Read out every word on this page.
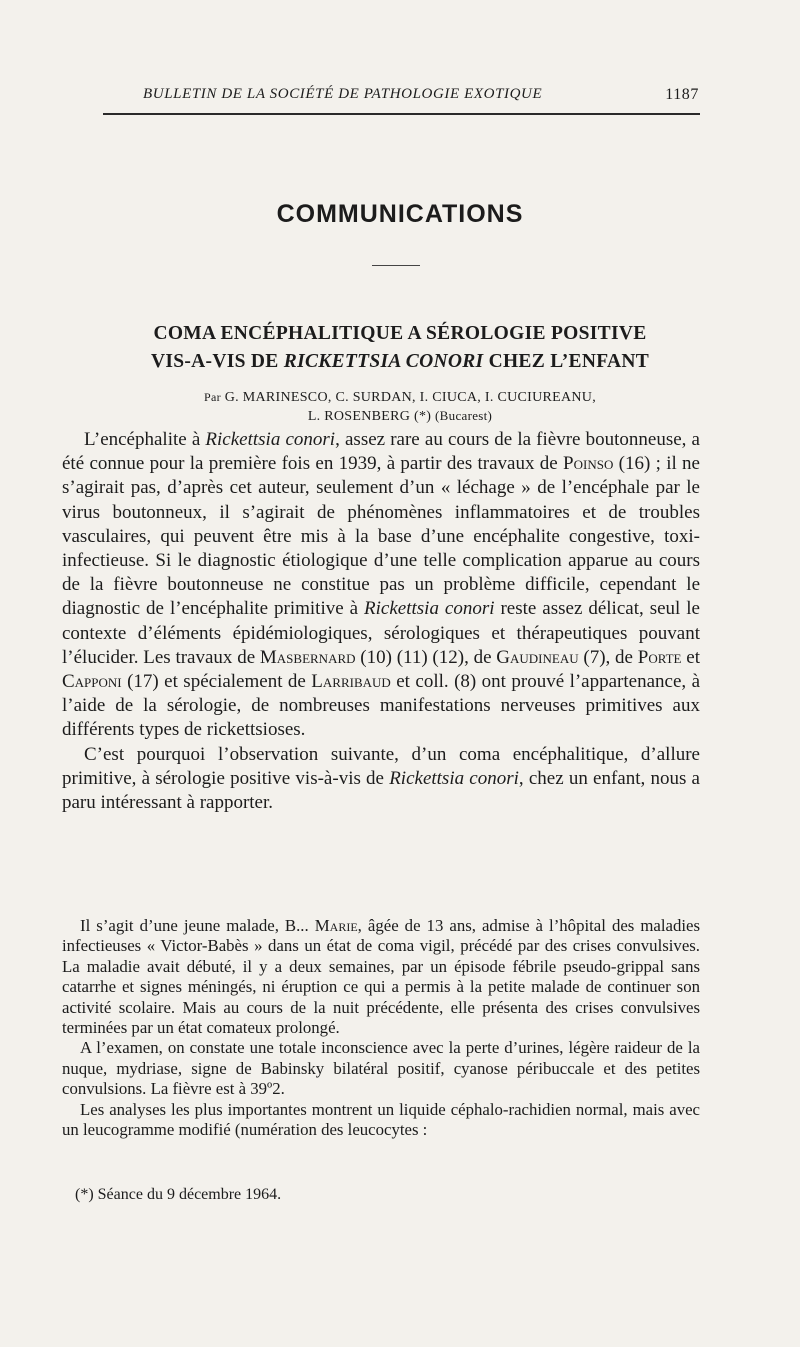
BULLETIN DE LA SOCIÉTÉ DE PATHOLOGIE EXOTIQUE	1187
COMMUNICATIONS
COMA ENCÉPHALITIQUE A SÉROLOGIE POSITIVE
VIS-A-VIS DE RICKETTSIA CONORI CHEZ L’ENFANT
Par G. MARINESCO, C. SURDAN, I. CIUCA, I. CUCIUREANU,
L. ROSENBERG (*) (Bucarest)

L’encéphalite à Rickettsia conori, assez rare au cours de la fièvre boutonneuse, a été connue pour la première fois en 1939, à partir des travaux de Poinso (16) ; il ne s’agirait pas, d’après cet auteur, seulement d’un « léchage » de l’encéphale par le virus boutonneux, il s’agirait de phénomènes inflammatoires et de troubles vasculaires, qui peuvent être mis à la base d’une encéphalite congestive, toxi-infectieuse. Si le diagnostic étiologique d’une telle complication apparue au cours de la fièvre boutonneuse ne constitue pas un problème difficile, cependant le diagnostic de l’encéphalite primitive à Rickettsia conori reste assez délicat, seul le contexte d’éléments épidémiologiques, sérologiques et thérapeutiques pouvant l’élucider. Les travaux de Masbernard (10) (11) (12), de Gaudineau (7), de Porte et Capponi (17) et spécialement de Larribaud et coll. (8) ont prouvé l’appartenance, à l’aide de la sérologie, de nombreuses manifestations nerveuses primitives aux différents types de rickettsioses.

C’est pourquoi l’observation suivante, d’un coma encéphalitique, d’allure primitive, à sérologie positive vis-à-vis de Rickettsia conori, chez un enfant, nous a paru intéressant à rapporter.

Il s’agit d’une jeune malade, B... Marie, âgée de 13 ans, admise à l’hôpital des maladies infectieuses « Victor-Babès » dans un état de coma vigil, précédé par des crises convulsives. La maladie avait débuté, il y a deux semaines, par un épisode fébrile pseudo-grippal sans catarrhe et signes méningés, ni éruption ce qui a permis à la petite malade de continuer son activité scolaire. Mais au cours de la nuit précédente, elle présenta des crises convulsives terminées par un état comateux prolongé.

A l’examen, on constate une totale inconscience avec la perte d’urines, légère raideur de la nuque, mydriase, signe de Babinsky bilatéral positif, cyanose péribuccale et des petites convulsions. La fièvre est à 39º2.

Les analyses les plus importantes montrent un liquide céphalo-rachidien normal, mais avec un leucogramme modifié (numération des leucocytes :

(*) Séance du 9 décembre 1964.
